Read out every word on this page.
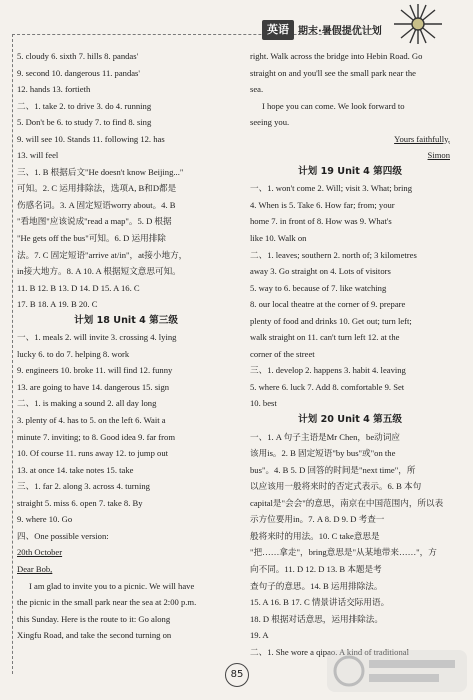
英语 期末·暑假提优计划
5. cloudy 6. sixth 7. hills 8. pandas'
9. second 10. dangerous 11. pandas'
12. hands 13. fortieth
二、1. take 2. to drive 3. do 4. running
5. Don't be 6. to study 7. to find 8. sing
9. will see 10. Stands 11. following 12. has
13. will feel
三、1. B 根据后文"He doesn't know Beijing..."
可知。2. C 运用排除法，选项A, B和D都是
伤感名词。3. A 固定短语worry about。4. B
"看地图"应该说成"read a map"。5. D 根据
"He gets off the bus"可知。6. D 运用排除
法。7. C 固定短语"arrive at/in"，at接小地方，
in接大地方。8. A 10. A 根据短文意思可知。
11. B 12. B 13. D 14. D 15. A 16. C
17. B 18. A 19. B 20. C
计划 18 Unit 4 第三级
一、1. meals 2. will invite 3. crossing 4. lying
lucky 6. to do 7. helping 8. work
9. engineers 10. broke 11. will find 12. funny
13. are going to have 14. dangerous 15. sign
二、1. is making a sound 2. all day long
3. plenty of 4. has to 5. on the left 6. Wait a
minute 7. inviting; to 8. Good idea 9. far from
10. Of course 11. runs away 12. to jump out
13. at once 14. take notes 15. take
三、1. far 2. along 3. across 4. turning
straight 5. miss 6. open 7. take 8. By
9. where 10. Go
四、One possible version:
20th October
Dear Bob,
I am glad to invite you to a picnic. We will have
the picnic in the small park near the sea at 2:00 p.m.
this Sunday. Here is the route to it: Go along
Xingfu Road, and take the second turning on
right. Walk across the bridge into Hebin Road. Go
straight on and you'll see the small park near the
sea.
I hope you can come. We look forward to
seeing you.
Yours faithfully,
Simon
计划 19 Unit 4 第四级
一、1. won't come 2. Will; visit 3. What; bring
4. When is 5. Take 6. How far; from; your
home 7. in front of 8. How was 9. What's
like 10. Walk on
二、1. leaves; southern 2. north of; 3 kilometres
away 3. Go straight on 4. Lots of visitors
5. way to 6. because of 7. like watching
8. our local theatre at the corner of 9. prepare
plenty of food and drinks 10. Get out; turn left;
walk straight on 11. can't turn left 12. at the
corner of the street
三、1. develop 2. happens 3. habit 4. leaving
5. where 6. luck 7. Add 8. comfortable 9. Set
10. best
计划 20 Unit 4 第五级
一、1. A 句子主语是Mr Chen，be动词应
该用is。2. B 固定短语"by bus"或"on the
bus"。4. B 5. D 回答的时间是"next time"，所
以应该用一般将来时的否定式表示。6. B 本句
capital是"会会"的意思，南京在中国范围内，所以表
示方位要用in。7. A 8. D 9. D 考查一
般将来时的用法。10. C take意思是
"把……拿走"，bring意思是"从某地带来……"，方
向不同。11. D 12. D 13. B 本题是考
查句子的意思。14. B 运用排除法。
15. A 16. B 17. C 情景讲话交际用语。
18. D 根据对话意思，运用排除法。
19. A
二、1. She wore a qipao. A kind of traditional
85
